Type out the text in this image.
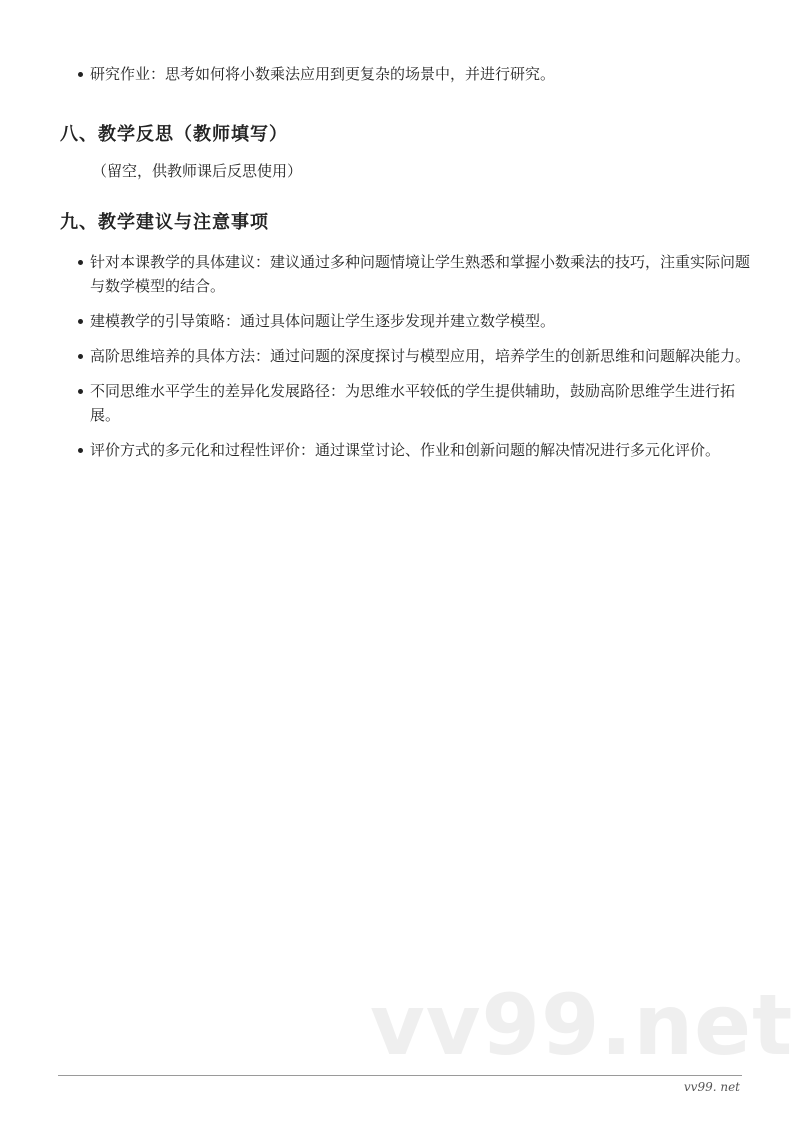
研究作业：思考如何将小数乘法应用到更复杂的场景中，并进行研究。
八、教学反思（教师填写）
（留空，供教师课后反思使用）
九、教学建议与注意事项
针对本课教学的具体建议：建议通过多种问题情境让学生熟悉和掌握小数乘法的技巧，注重实际问题与数学模型的结合。
建模教学的引导策略：通过具体问题让学生逐步发现并建立数学模型。
高阶思维培养的具体方法：通过问题的深度探讨与模型应用，培养学生的创新思维和问题解决能力。
不同思维水平学生的差异化发展路径：为思维水平较低的学生提供辅助，鼓励高阶思维学生进行拓展。
评价方式的多元化和过程性评价：通过课堂讨论、作业和创新问题的解决情况进行多元化评价。
vv99.net
vv99. net
